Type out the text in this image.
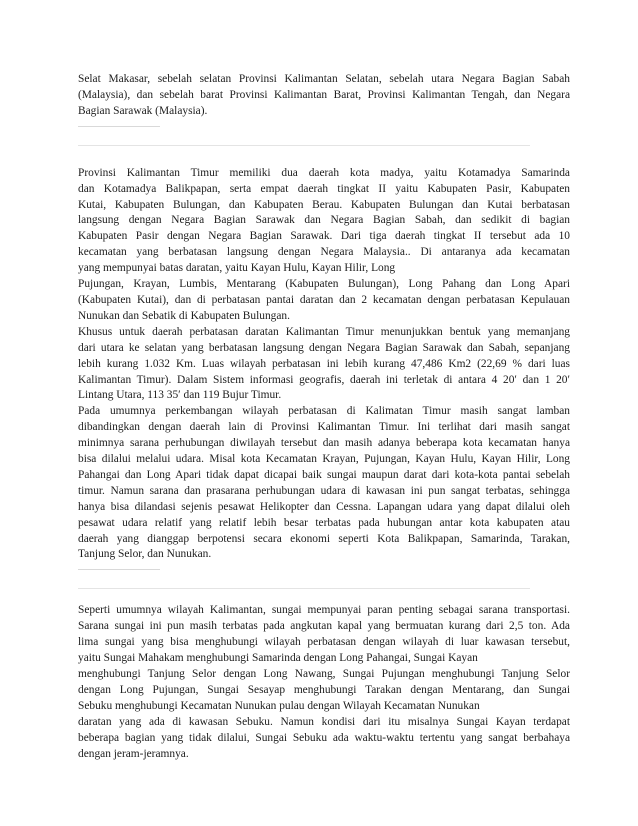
Selat Makasar, sebelah selatan Provinsi Kalimantan Selatan, sebelah utara Negara Bagian Sabah
(Malaysia), dan sebelah barat Provinsi Kalimantan Barat, Provinsi Kalimantan Tengah, dan Negara
Bagian Sarawak (Malaysia).

Provinsi Kalimantan Timur memiliki dua daerah kota madya, yaitu Kotamadya Samarinda
dan Kotamadya Balikpapan, serta empat daerah tingkat II yaitu Kabupaten Pasir, Kabupaten
Kutai, Kabupaten Bulungan, dan Kabupaten Berau. Kabupaten Bulungan dan Kutai berbatasan
langsung dengan Negara Bagian Sarawak dan Negara Bagian Sabah, dan sedikit di bagian
Kabupaten Pasir dengan Negara Bagian Sarawak. Dari tiga daerah tingkat II tersebut ada 10
kecamatan yang berbatasan langsung dengan Negara Malaysia.. Di antaranya ada kecamatan
yang mempunyai batas daratan, yaitu Kayan Hulu, Kayan Hilir, Long
Pujungan, Krayan, Lumbis, Mentarang (Kabupaten Bulungan), Long Pahang dan Long Apari
(Kabupaten Kutai), dan di perbatasan pantai daratan dan 2 kecamatan dengan perbatasan Kepulauan
Nunukan dan Sebatik di Kabupaten Bulungan.

Khusus untuk daerah perbatasan daratan Kalimantan Timur menunjukkan bentuk yang memanjang
dari utara ke selatan yang berbatasan langsung dengan Negara Bagian Sarawak dan Sabah, sepanjang
lebih kurang 1.032 Km. Luas wilayah perbatasan ini lebih kurang 47,486 Km2 (22,69 % dari luas
Kalimantan Timur). Dalam Sistem informasi geografis, daerah ini terletak di antara 4 20′ dan 1 20′
Lintang Utara, 113 35′ dan 119 Bujur Timur.

Pada umumnya perkembangan wilayah perbatasan di Kalimatan Timur masih sangat lamban
dibandingkan dengan daerah lain di Provinsi Kalimantan Timur. Ini terlihat dari masih sangat
minimnya sarana perhubungan diwilayah tersebut dan masih adanya beberapa kota kecamatan hanya
bisa dilalui melalui udara. Misal kota Kecamatan Krayan, Pujungan, Kayan Hulu, Kayan Hilir, Long
Pahangai dan Long Apari tidak dapat dicapai baik sungai maupun darat dari kota-kota pantai sebelah
timur. Namun sarana dan prasarana perhubungan udara di kawasan ini pun sangat terbatas, sehingga
hanya bisa dilandasi sejenis pesawat Helikopter dan Cessna. Lapangan udara yang dapat dilalui oleh
pesawat udara relatif yang relatif lebih besar terbatas pada hubungan antar kota kabupaten atau
daerah yang dianggap berpotensi secara ekonomi seperti Kota Balikpapan, Samarinda, Tarakan,
Tanjung Selor, dan Nunukan.

Seperti umumnya wilayah Kalimantan, sungai mempunyai paran penting sebagai sarana transportasi.
Sarana sungai ini pun masih terbatas pada angkutan kapal yang bermuatan kurang dari 2,5 ton. Ada
lima sungai yang bisa menghubungi wilayah perbatasan dengan wilayah di luar kawasan tersebut,
yaitu Sungai Mahakam menghubungi Samarinda dengan Long Pahangai, Sungai Kayan
menghubungi Tanjung Selor dengan Long Nawang, Sungai Pujungan menghubungi Tanjung Selor
dengan Long Pujungan, Sungai Sesayap menghubungi Tarakan dengan Mentarang, dan Sungai
Sebuku menghubungi Kecamatan Nunukan pulau dengan Wilayah Kecamatan Nunukan
daratan yang ada di kawasan Sebuku. Namun kondisi dari itu misalnya Sungai Kayan terdapat
beberapa bagian yang tidak dilalui, Sungai Sebuku ada waktu-waktu tertentu yang sangat berbahaya
dengan jeram-jeramnya.
